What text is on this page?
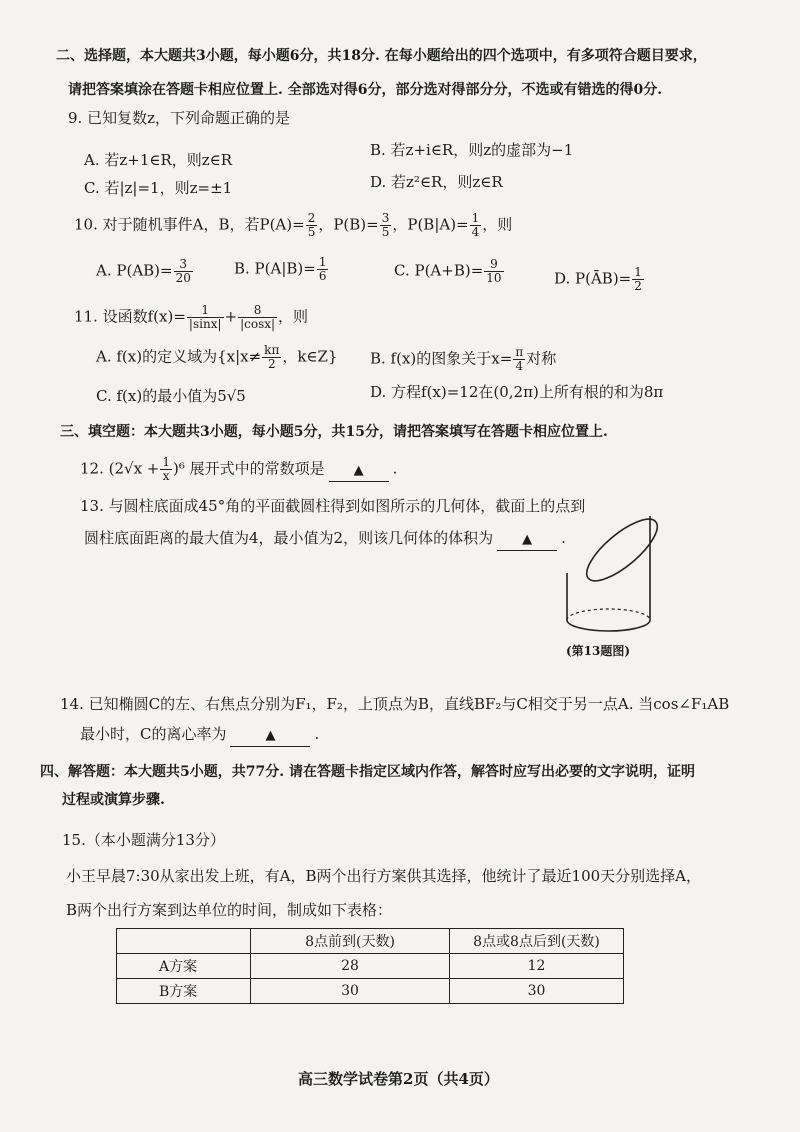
二、选择题，本大题共3小题，每小题6分，共18分. 在每小题给出的四个选项中，有多项符合题目要求，
请把答案填涂在答题卡相应位置上. 全部选对得6分，部分选对得部分分，不选或有错选的得0分.
9. 已知复数z，下列命题正确的是
A. 若z+1∈R，则z∈R
B. 若z+i∈R，则z的虚部为−1
C. 若|z|=1，则z=±1	D. 若z²∈R，则z∈R
10. 对于随机事件A，B，若$P(A)= \frac{2}{5}$ ，$P(B)= \frac{3}{5}$ ，$P(B|A)= \frac{1}{4}$ ，则
A. $P(AB)= \frac{3}{20}$	B. $P(A|B)= \frac{1}{6}$	C. $P(A+B)= \frac{9}{10}$	D. P(ĀB)= $\frac{1}{2}$
11. 设函数$f(x)= \frac{1}{|\sin x|} + \frac{8}{|\cos x|}$ ，则
A. f(x)的定义域为{$x|x\ne \frac{k\pi}{2}$ ，k∈Z} B. f(x)的图象关于$x= \frac{\pi}{4}$ 对称
C. f(x)的最小值为5√5	D. 方程f(x)=12在(0,2π)上所有根的和为8π
三、填空题：本大题共3小题，每小题5分，共15分，请把答案填写在答题卡相应位置上.
12. $(2√x + \frac{1}{x} )^6$ 展开式中的常数项是 ▲ .
13. 与圆柱底面成45°角的平面截圆柱得到如图所示的几何体，截面上的点到
圆柱底面距离的最大值为4，最小值为2，则该几何体的体积为 ▲ .
(第13题图)
14. 已知椭圆C的左、右焦点分别为F₁，F₂，上顶点为B，直线BF₂与C相交于另一点A. 当cos∠F₁AB
最小时，C的离心率为	▲	.
四、解答题：本大题共5小题，共77分. 请在答题卡指定区域内作答，解答时应写出必要的文字说明，证明
过程或演算步骤.
15.（本小题满分13分）
小王早晨7:30从家出发上班，有A，B两个出行方案供其选择，他统计了最近100天分别选择A，
B两个出行方案到达单位的时间，制成如下表格：
	8点前到(天数)	8点或8点后到(天数)
A方案	28	12
B方案	30	30
高三数学试卷第2页（共4页）
